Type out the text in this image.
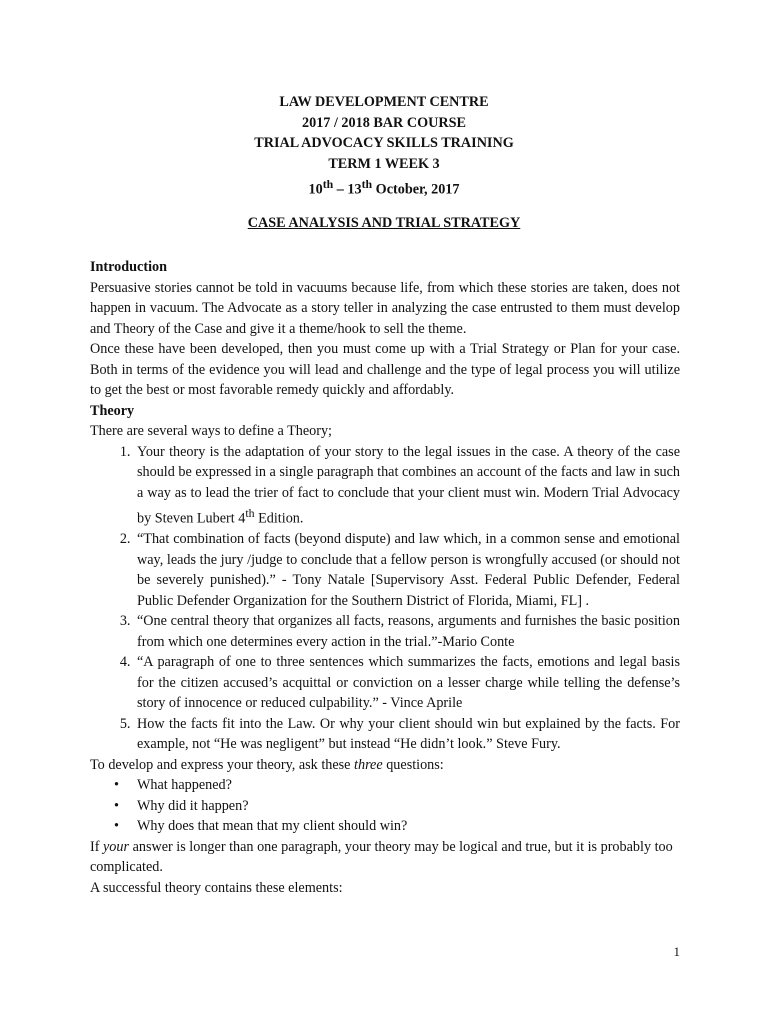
LAW DEVELOPMENT CENTRE
2017 / 2018 BAR COURSE
TRIAL ADVOCACY SKILLS TRAINING
TERM 1 WEEK 3
10th – 13th October, 2017
CASE ANALYSIS AND TRIAL STRATEGY

Introduction

Persuasive stories cannot be told in vacuums because life, from which these stories are taken, does not happen in vacuum. The Advocate as a story teller in analyzing the case entrusted to them must develop and Theory of the Case and give it a theme/hook to sell the theme.

Once these have been developed, then you must come up with a Trial Strategy or Plan for your case. Both in terms of the evidence you will lead and challenge and the type of legal process you will utilize to get the best or most favorable remedy quickly and affordably.

Theory

There are several ways to define a Theory;

1. Your theory is the adaptation of your story to the legal issues in the case. A theory of the case should be expressed in a single paragraph that combines an account of the facts and law in such a way as to lead the trier of fact to conclude that your client must win. Modern Trial Advocacy by Steven Lubert 4th Edition.
2. “That combination of facts (beyond dispute) and law which, in a common sense and emotional way, leads the jury /judge to conclude that a fellow person is wrongfully accused (or should not be severely punished).” - Tony Natale [Supervisory Asst. Federal Public Defender, Federal Public Defender Organization for the Southern District of Florida, Miami, FL] .
3. “One central theory that organizes all facts, reasons, arguments and furnishes the basic position from which one determines every action in the trial.”-Mario Conte
4. “A paragraph of one to three sentences which summarizes the facts, emotions and legal basis for the citizen accused’s acquittal or conviction on a lesser charge while telling the defense’s story of innocence or reduced culpability.” - Vince Aprile
5. How the facts fit into the Law. Or why your client should win but explained by the facts. For example, not “He was negligent” but instead “He didn’t look.” Steve Fury.

To develop and express your theory, ask these three questions:

• What happened?
• Why did it happen?
• Why does that mean that my client should win?

If your answer is longer than one paragraph, your theory may be logical and true, but it is probably too complicated.

A successful theory contains these elements:

1
